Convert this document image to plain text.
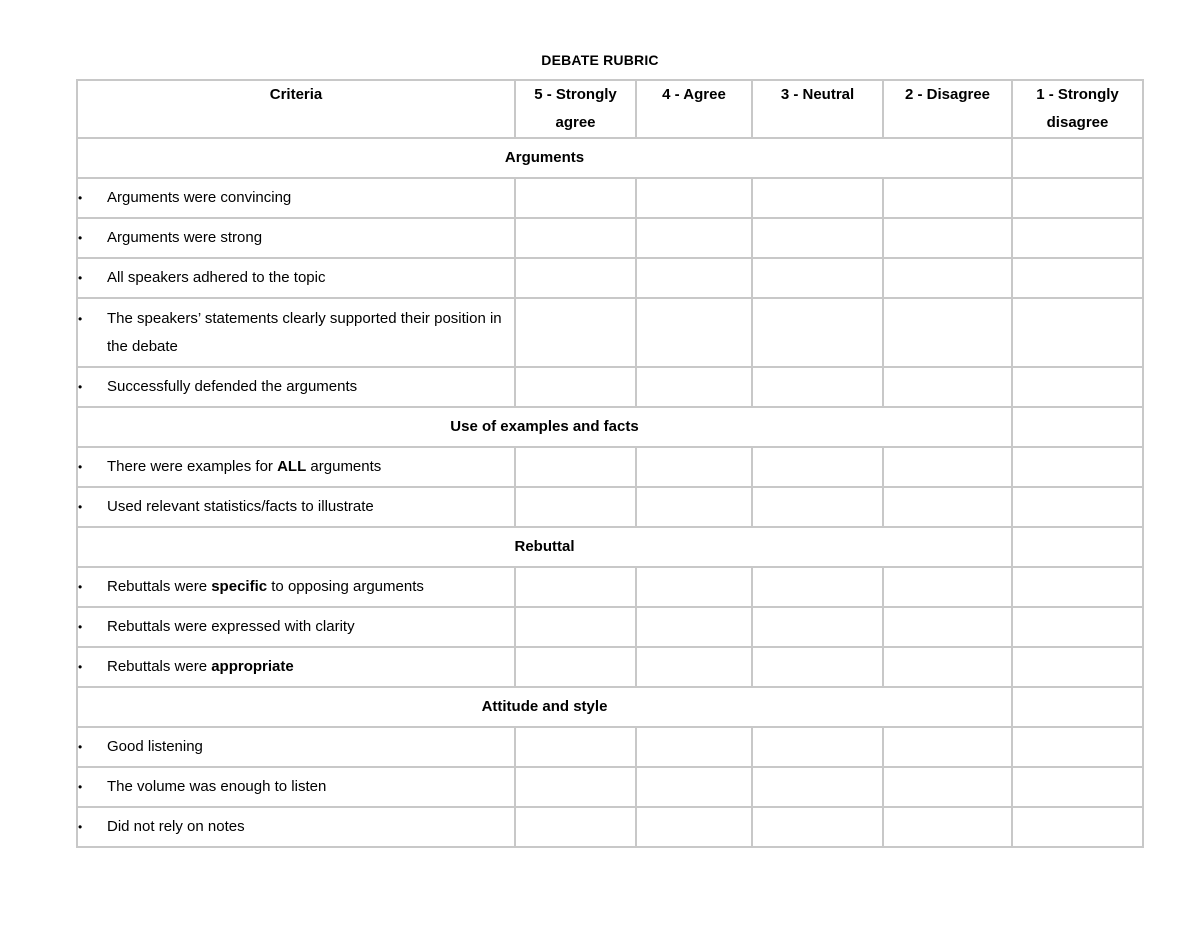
DEBATE RUBRIC
Criteria	5 - Strongly agree	4 - Agree	3 - Neutral	2 - Disagree	1 - Strongly disagree
Arguments					

• Arguments were convincing					

• Arguments were strong					

• All speakers adhered to the topic					

• The speakers’ statements clearly supported their position in the debate					

• Successfully defended the arguments					

Use of examples and facts					

• There were examples for ALL arguments					

• Used relevant statistics/facts to illustrate					

Rebuttal					

• Rebuttals were specific to opposing arguments					

• Rebuttals were expressed with clarity					

• Rebuttals were appropriate					

Attitude and style					

• Good listening					

• The volume was enough to listen					

• Did not rely on notes					
